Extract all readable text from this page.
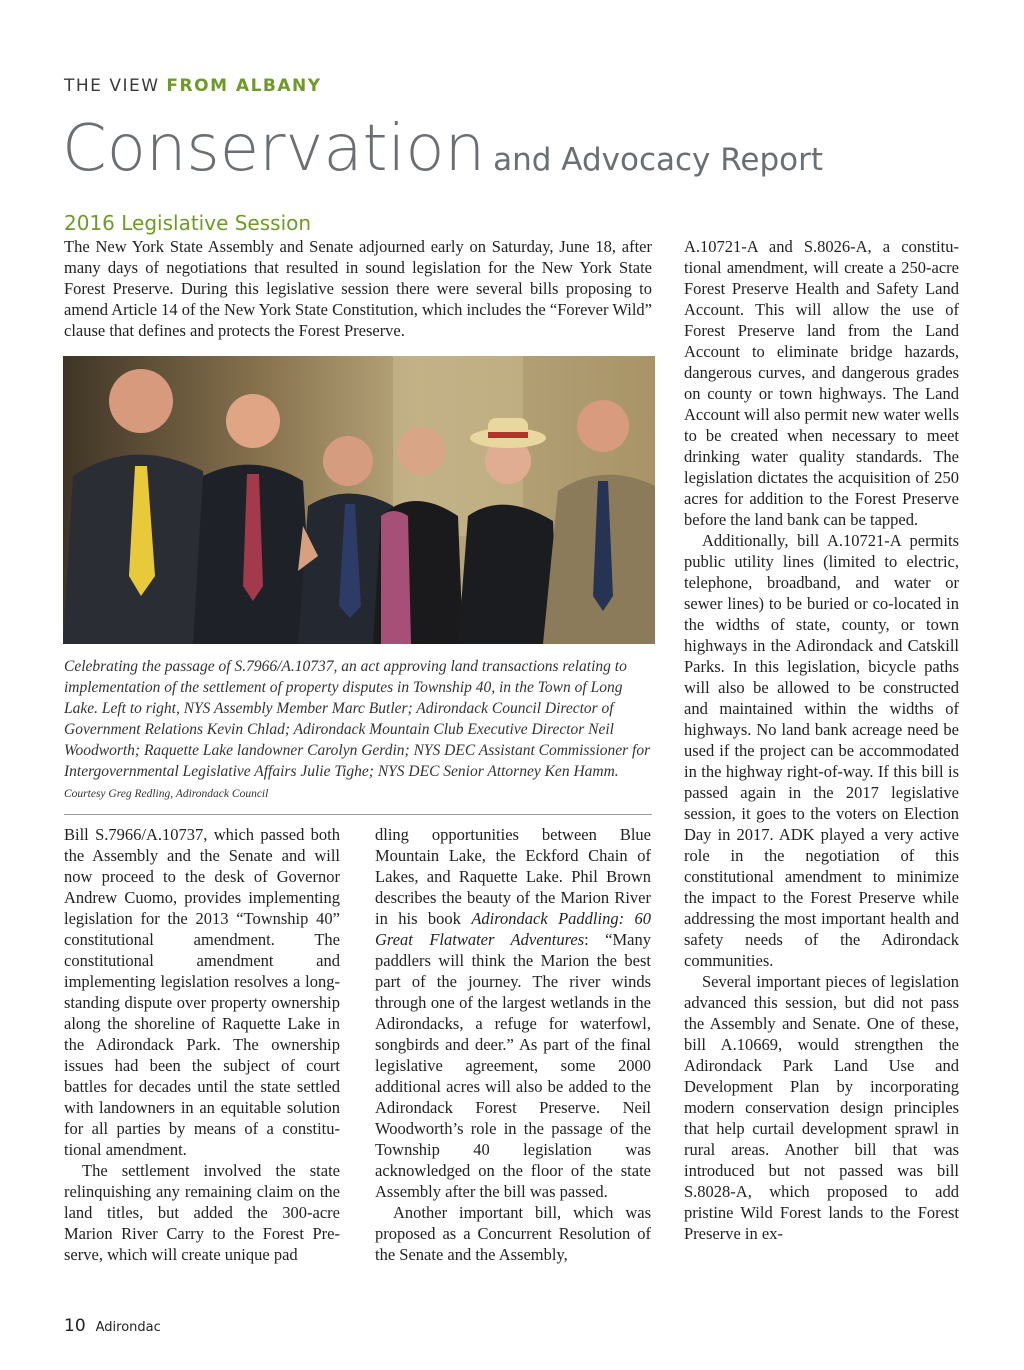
THE VIEW FROM ALBANY
Conservation and Advocacy Report
2016 Legislative Session

The New York State Assembly and Senate adjourned early on Saturday, June 18, after many days of negotiations that resulted in sound legislation for the New York State Forest Preserve. During this legislative session there were several bills proposing to amend Article 14 of the New York State Constitution, which includes the “Forever Wild” clause that defines and protects the Forest Preserve.

Celebrating the passage of S.7966/A.10737, an act approving land transactions relating to implementation of the settlement of property disputes in Township 40, in the Town of Long Lake. Left to right, NYS Assembly Member Marc Butler; Adirondack Council Director of Government Relations Kevin Chlad; Adirondack Mountain Club Executive Director Neil Woodworth; Raquette Lake landowner Carolyn Gerdin; NYS DEC Assistant Commissioner for Intergovernmental Legislative Affairs Julie Tighe; NYS DEC Senior Attorney Ken Hamm. Courtesy Greg Redling, Adirondack Council

Bill S.7966/A.10737, which passed both the Assembly and the Senate and will now proceed to the desk of Governor Andrew Cuomo, provides implementing legislation for the 2013 “Township 40” constitutional amendment. The constitutional amendment and implementing legislation resolves a long-standing dispute over property ownership along the shoreline of Raquette Lake in the Adirondack Park. The ownership issues had been the subject of court battles for decades until the state settled with landowners in an equitable solution for all parties by means of a constitutional amendment.

The settlement involved the state relinquishing any remaining claim on the land titles, but added the 300-acre Marion River Carry to the Forest Preserve, which will create unique pad

dling opportunities between Blue Mountain Lake, the Eckford Chain of Lakes, and Raquette Lake. Phil Brown describes the beauty of the Marion River in his book Adirondack Paddling: 60 Great Flatwater Adventures: “Many paddlers will think the Marion the best part of the journey. The river winds through one of the largest wetlands in the Adirondacks, a refuge for waterfowl, songbirds and deer.” As part of the final legislative agreement, some 2000 additional acres will also be added to the Adirondack Forest Preserve. Neil Woodworth’s role in the passage of the Township 40 legislation was acknowledged on the floor of the state Assembly after the bill was passed.

Another important bill, which was proposed as a Concurrent Resolution of the Senate and the Assembly,

A.10721-A and S.8026-A, a constitutional amendment, will create a 250-acre Forest Preserve Health and Safety Land Account. This will allow the use of Forest Preserve land from the Land Account to eliminate bridge hazards, dangerous curves, and dangerous grades on county or town highways. The Land Account will also permit new water wells to be created when necessary to meet drinking water quality standards. The legislation dictates the acquisition of 250 acres for addition to the Forest Preserve before the land bank can be tapped.

Additionally, bill A.10721-A permits public utility lines (limited to electric, telephone, broadband, and water or sewer lines) to be buried or co-located in the widths of state, county, or town highways in the Adirondack and Catskill Parks. In this legislation, bicycle paths will also be allowed to be constructed and maintained within the widths of highways. No land bank acreage need be used if the project can be accommodated in the highway right-of-way. If this bill is passed again in the 2017 legislative session, it goes to the voters on Election Day in 2017. ADK played a very active role in the negotiation of this constitutional amendment to minimize the impact to the Forest Preserve while addressing the most important health and safety needs of the Adirondack communities.

Several important pieces of legislation advanced this session, but did not pass the Assembly and Senate. One of these, bill A.10669, would strengthen the Adirondack Park Land Use and Development Plan by incorporating modern conservation design principles that help curtail development sprawl in rural areas. Another bill that was introduced but not passed was bill S.8028-A, which proposed to add pristine Wild Forest lands to the Forest Preserve in ex-

10 Adirondac
